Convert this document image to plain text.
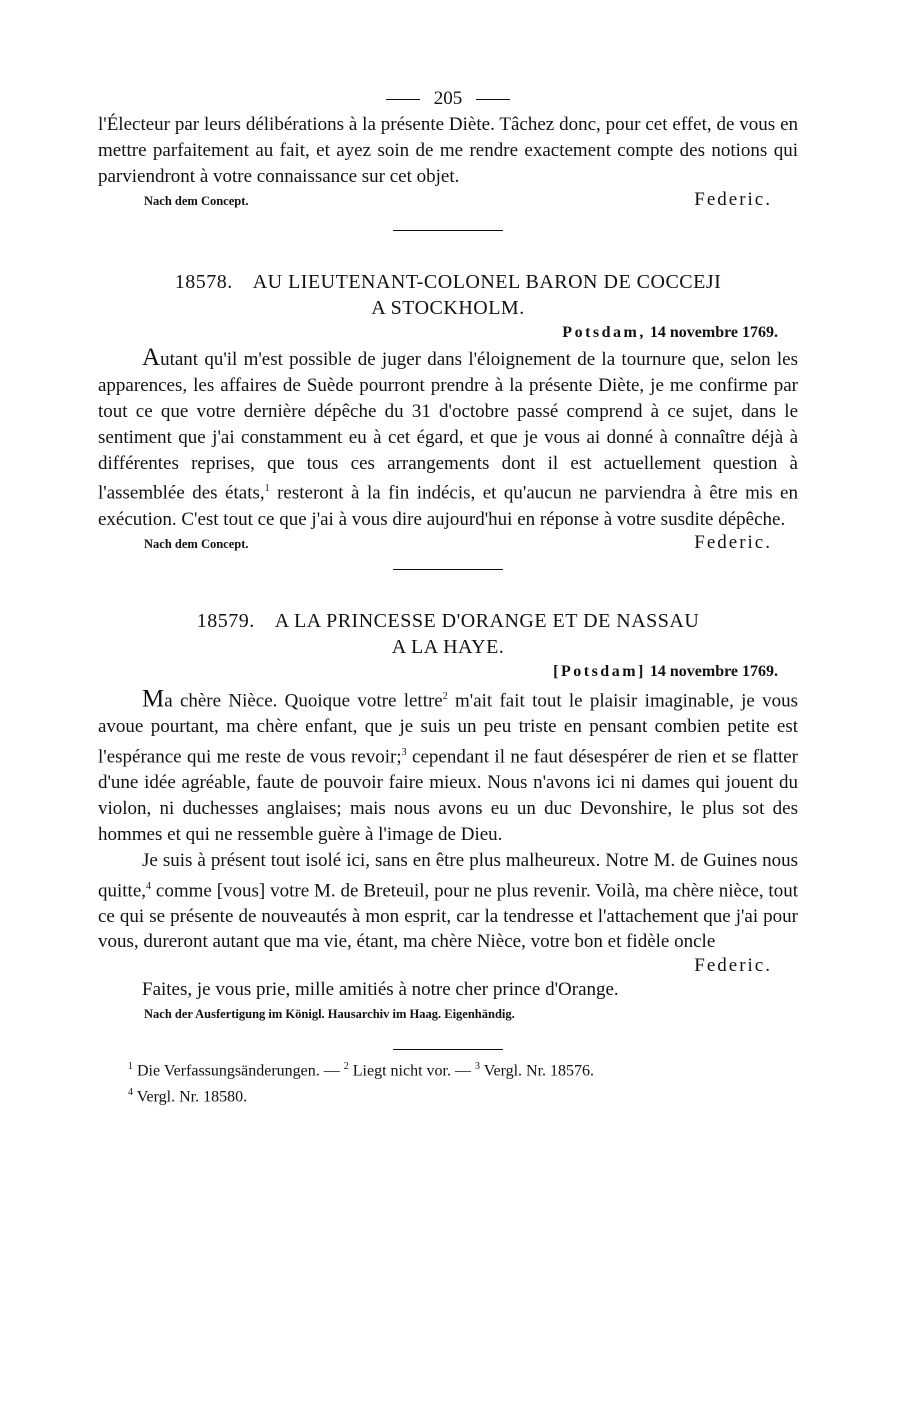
205

l'Électeur par leurs délibérations à la présente Diète. Tâchez donc, pour cet effet, de vous en mettre parfaitement au fait, et ayez soin de me rendre exactement compte des notions qui parviendront à votre connaissance sur cet objet.

Nach dem Concept.	Federic.
18578. AU LIEUTENANT-COLONEL BARON DE COCCEJI
A STOCKHOLM.
Potsdam, 14 novembre 1769.

Autant qu'il m'est possible de juger dans l'éloignement de la tournure que, selon les apparences, les affaires de Suède pourront prendre à la présente Diète, je me confirme par tout ce que votre dernière dépêche du 31 d'octobre passé comprend à ce sujet, dans le sentiment que j'ai constamment eu à cet égard, et que je vous ai donné à connaître déjà à différentes reprises, que tous ces arrangements dont il est actuellement question à l'assemblée des états,$^1$ resteront à la fin indécis, et qu'aucun ne parviendra à être mis en exécution. C'est tout ce que j'ai à vous dire aujourd'hui en réponse à votre susdite dépêche.

Nach dem Concept.	Federic.
18579. A LA PRINCESSE D'ORANGE ET DE NASSAU
A LA HAYE.
[Potsdam] 14 novembre 1769.

Ma chère Nièce. Quoique votre lettre$^2$ m'ait fait tout le plaisir imaginable, je vous avoue pourtant, ma chère enfant, que je suis un peu triste en pensant combien petite est l'espérance qui me reste de vous revoir;$^3$ cependant il ne faut désespérer de rien et se flatter d'une idée agréable, faute de pouvoir faire mieux. Nous n'avons ici ni dames qui jouent du violon, ni duchesses anglaises; mais nous avons eu un duc Devonshire, le plus sot des hommes et qui ne ressemble guère à l'image de Dieu.

Je suis à présent tout isolé ici, sans en être plus malheureux. Notre M. de Guines nous quitte,$^4$ comme [vous] votre M. de Breteuil, pour ne plus revenir. Voilà, ma chère nièce, tout ce qui se présente de nouveautés à mon esprit, car la tendresse et l'attachement que j'ai pour vous, dureront autant que ma vie, étant, ma chère Nièce, votre bon et fidèle oncle

Federic.

Faites, je vous prie, mille amitiés à notre cher prince d'Orange.

Nach der Ausfertigung im Königl. Hausarchiv im Haag. Eigenhändig.

$^1$ Die Verfassungsänderungen. — $^2$ Liegt nicht vor. — $^3$ Vergl. Nr. 18576.

$^4$ Vergl. Nr. 18580.
